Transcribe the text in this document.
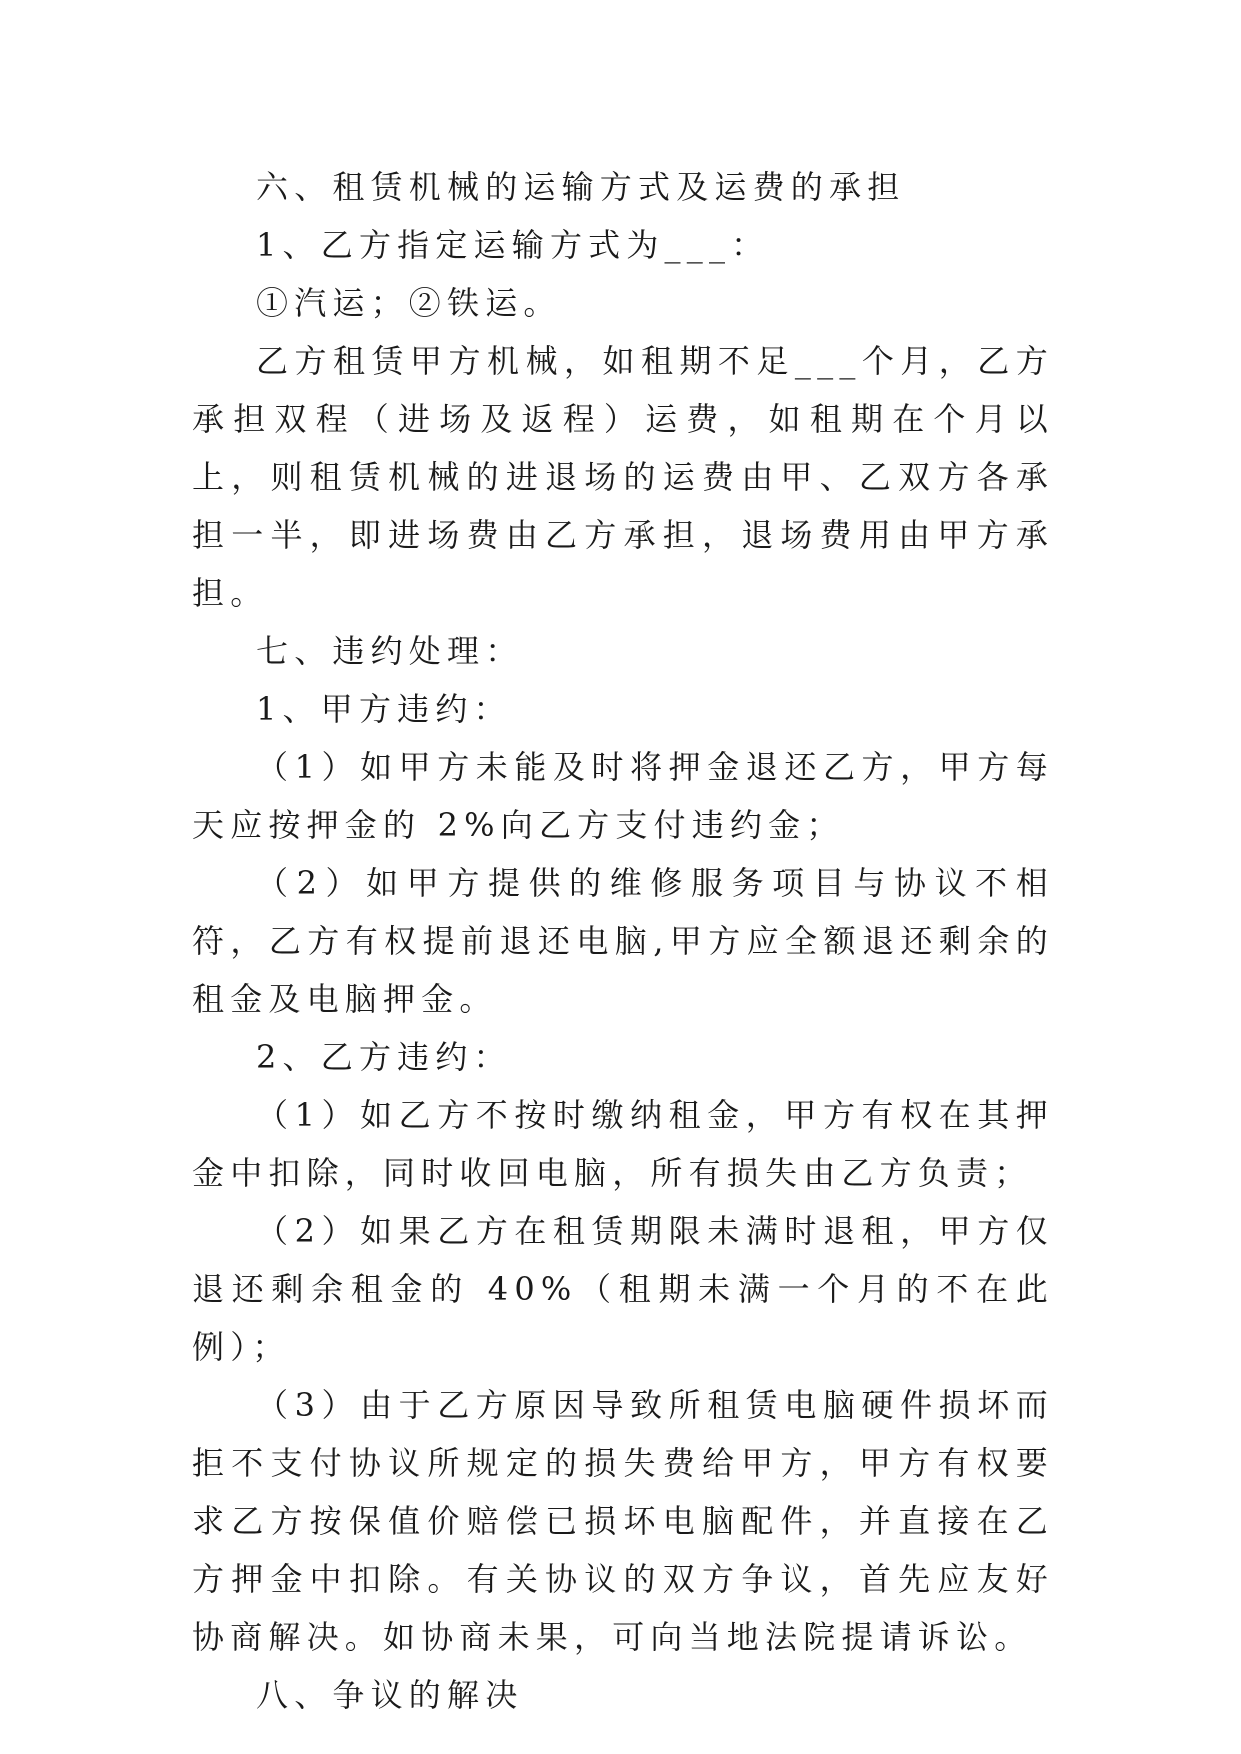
六、租赁机械的运输方式及运费的承担

1、乙方指定运输方式为___：

①汽运；②铁运。

乙方租赁甲方机械，如租期不足___个月，乙方承担双程（进场及返程）运费，如租期在个月以上，则租赁机械的进退场的运费由甲、乙双方各承担一半，即进场费由乙方承担，退场费用由甲方承担。

七、违约处理：

1、甲方违约：

（1）如甲方未能及时将押金退还乙方，甲方每天应按押金的 2%向乙方支付违约金；

（2）如甲方提供的维修服务项目与协议不相符，乙方有权提前退还电脑,甲方应全额退还剩余的租金及电脑押金。

2、乙方违约：

（1）如乙方不按时缴纳租金，甲方有权在其押金中扣除，同时收回电脑，所有损失由乙方负责；

（2）如果乙方在租赁期限未满时退租，甲方仅退还剩余租金的 40%（租期未满一个月的不在此例）；

（3）由于乙方原因导致所租赁电脑硬件损坏而拒不支付协议所规定的损失费给甲方，甲方有权要求乙方按保值价赔偿已损坏电脑配件，并直接在乙方押金中扣除。有关协议的双方争议，首先应友好协商解决。如协商未果，可向当地法院提请诉讼。

八、争议的解决
